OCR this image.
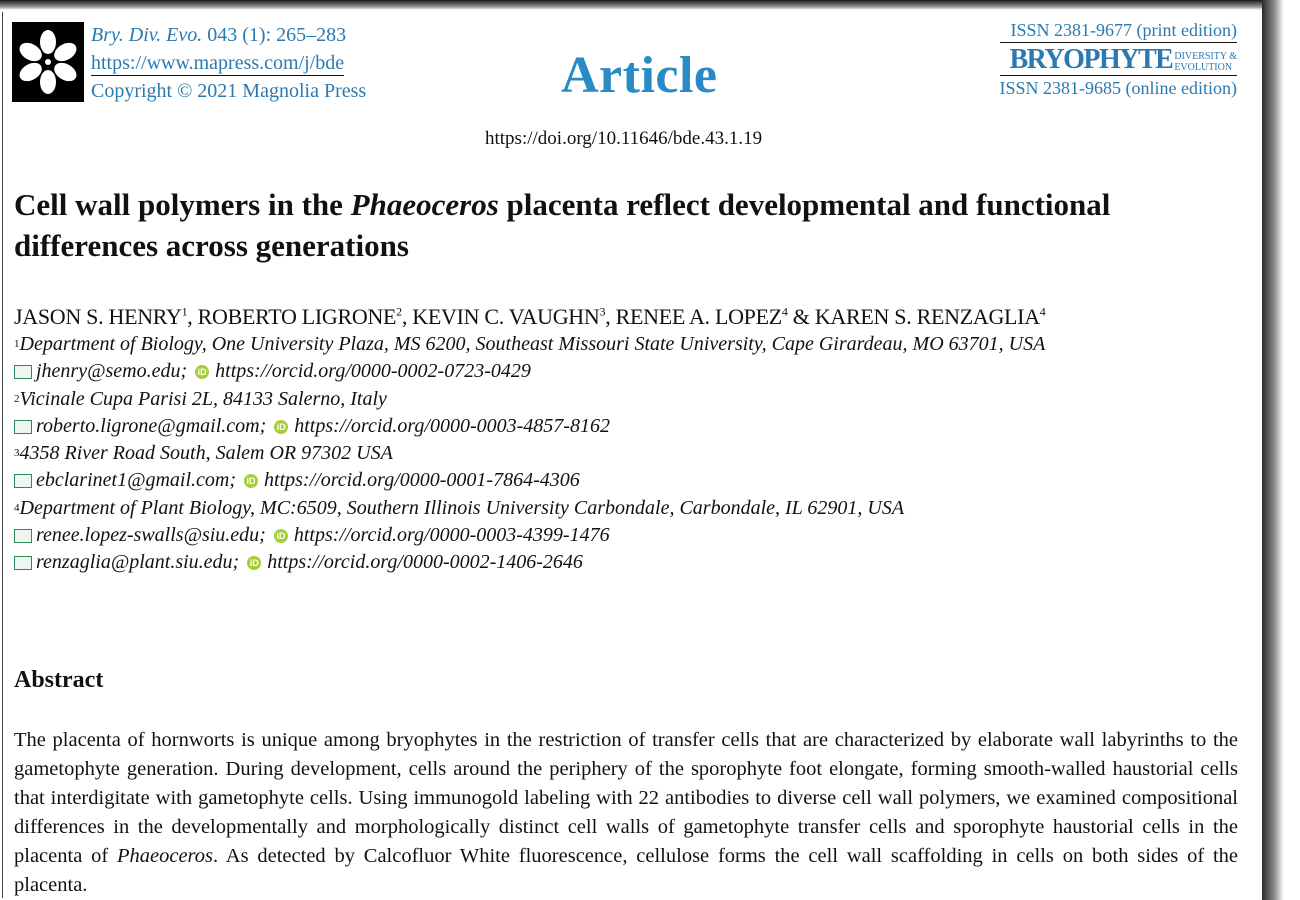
Bry. Div. Evo. 043 (1): 265–283
https://www.mapress.com/j/bde
Copyright © 2021 Magnolia Press	Article
ISSN 2381-9677 (print edition)
BRYOPHYTE DIVERSITY &
EVOLUTION
ISSN 2381-9685 (online edition)
https://doi.org/10.11646/bde.43.1.19
Cell wall polymers in the Phaeoceros placenta reflect developmental and functional differences across generations
JASON S. HENRY$^1$, ROBERTO LIGRONE$^2$, KEVIN C. VAUGHN$^3$, RENEE A. LOPEZ$^4$ & KAREN S. RENZAGLIA$^4$
1 Department of Biology, One University Plaza, MS 6200, Southeast Missouri State University, Cape Girardeau, MO 63701, USA
jhenry@semo.edu; iD https://orcid.org/0000-0002-0723-0429
2 Vicinale Cupa Parisi 2L, 84133 Salerno, Italy
roberto.ligrone@gmail.com; iD https://orcid.org/0000-0003-4857-8162
3 4358 River Road South, Salem OR 97302 USA
ebclarinet1@gmail.com; iD https://orcid.org/0000-0001-7864-4306
4 Department of Plant Biology, MC:6509, Southern Illinois University Carbondale, Carbondale, IL 62901, USA
renee.lopez-swalls@siu.edu; iD https://orcid.org/0000-0003-4399-1476
renzaglia@plant.siu.edu; iD https://orcid.org/0000-0002-1406-2646
Abstract
The placenta of hornworts is unique among bryophytes in the restriction of transfer cells that are characterized by elaborate wall labyrinths to the gametophyte generation. During development, cells around the periphery of the sporophyte foot elongate, forming smooth-walled haustorial cells that interdigitate with gametophyte cells. Using immunogold labeling with 22 antibodies to diverse cell wall polymers, we examined compositional differences in the developmentally and morphologically distinct cell walls of gametophyte transfer cells and sporophyte haustorial cells in the placenta of Phaeoceros. As detected by Calcofluor White fluorescence, cellulose forms the cell wall scaffolding in cells on both sides of the placenta.
